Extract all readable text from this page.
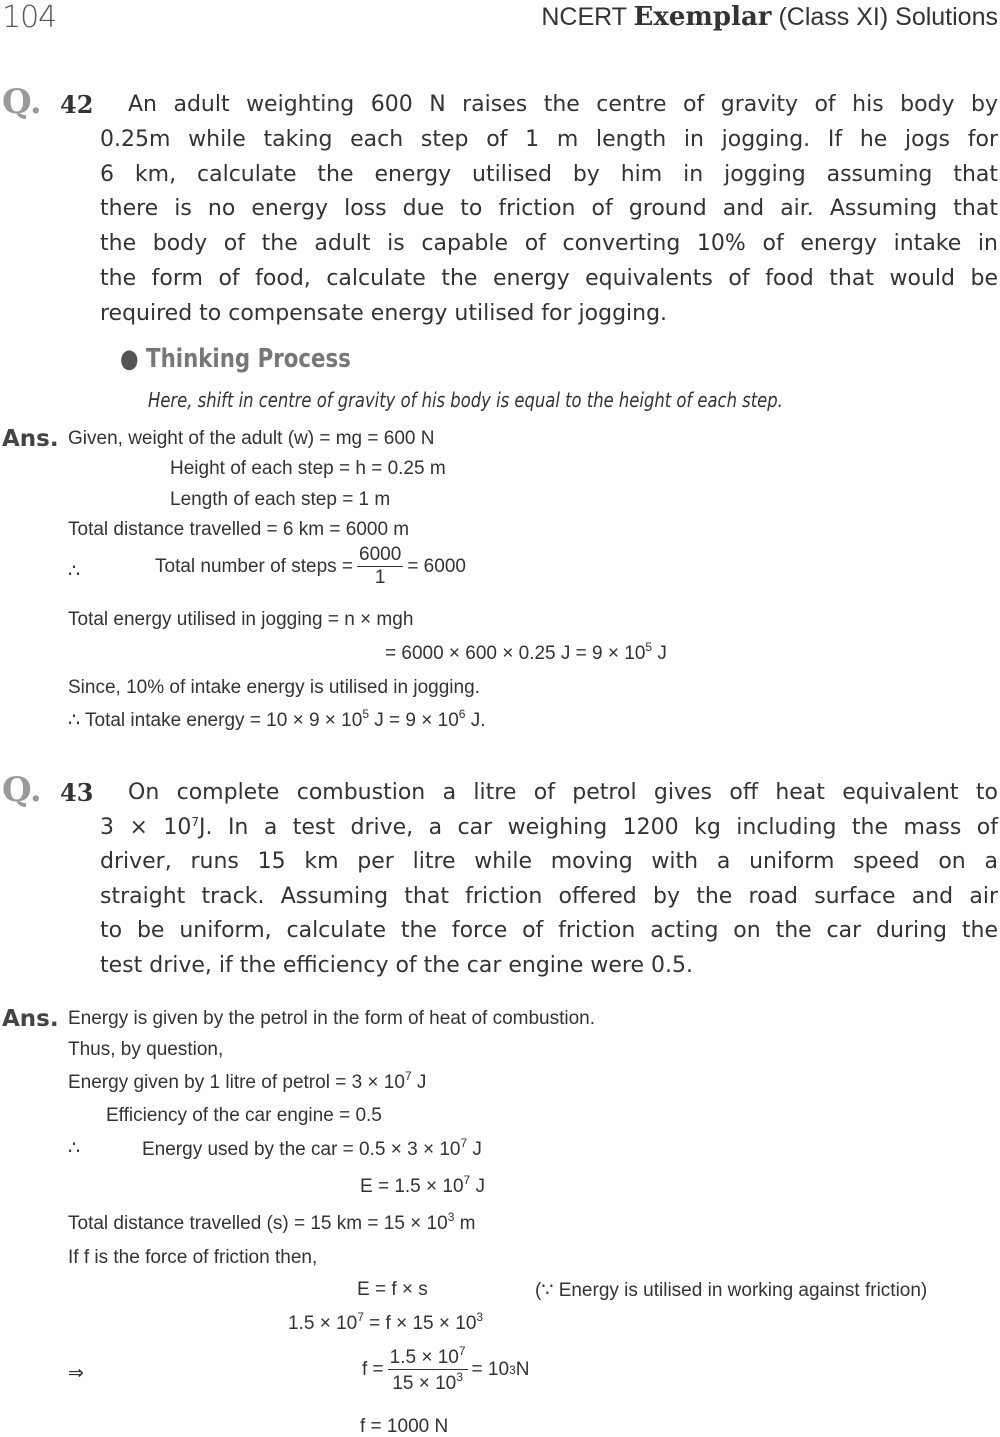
104	NCERT Exemplar (Class XI) Solutions
Q. 42 An adult weighting 600 N raises the centre of gravity of his body by
0.25m while taking each step of 1 m length in jogging. If he jogs for
6 km, calculate the energy utilised by him in jogging assuming that
there is no energy loss due to friction of ground and air. Assuming that
the body of the adult is capable of converting 10% of energy intake in
the form of food, calculate the energy equivalents of food that would be
required to compensate energy utilised for jogging.
● Thinking Process
Here, shift in centre of gravity of his body is equal to the height of each step.
Ans. Given, weight of the adult (w) = mg = 600 N
Height of each step = h = 0.25 m
Length of each step = 1 m
Total distance travelled = 6 km = 6000 m
∴	Total number of steps = $\frac{6000}{1} = 6000$
Total energy utilised in jogging = n × mgh
= 6000 × 600 × 0.25 $J = 9 \times 10^5$ J
Since, 10% of intake energy is utilised in jogging.
∴ Total intake energy = $10 \times 9 \times 10^5$ $J = 9 \times 10^6$ J.
Q. 43 On complete combustion a litre of petrol gives off heat equivalent to
$3 \times 10^7J$. In a test drive, a car weighing 1200 kg including the mass of
driver, runs 15 km per litre while moving with a uniform speed on a
straight track. Assuming that friction offered by the road surface and air
to be uniform, calculate the force of friction acting on the car during the
test drive, if the efficiency of the car engine were 0.5.
Ans. Energy is given by the petrol in the form of heat of combustion.
Thus, by question,
Energy given by 1 litre of petrol = $3 \times 10^7$ J
Efficiency of the car engine = 0.5
∴	Energy used by the car = $0.5 \times 3 \times 10^7$ J
$E = 1.5 \times 10^7$ J
Total distance travelled (s) = 15 km = $15 \times 10^3$ m
If f is the force of friction then,
E = f × s	(∵ Energy is utilised in working against friction)
$1.5 \times 10^7 = f \times 15 \times 10^3$
⇒	$f = \frac{1.5 \times 10^7}{15 \times 10^3} = 10$ 3 N
f = 1000 N
